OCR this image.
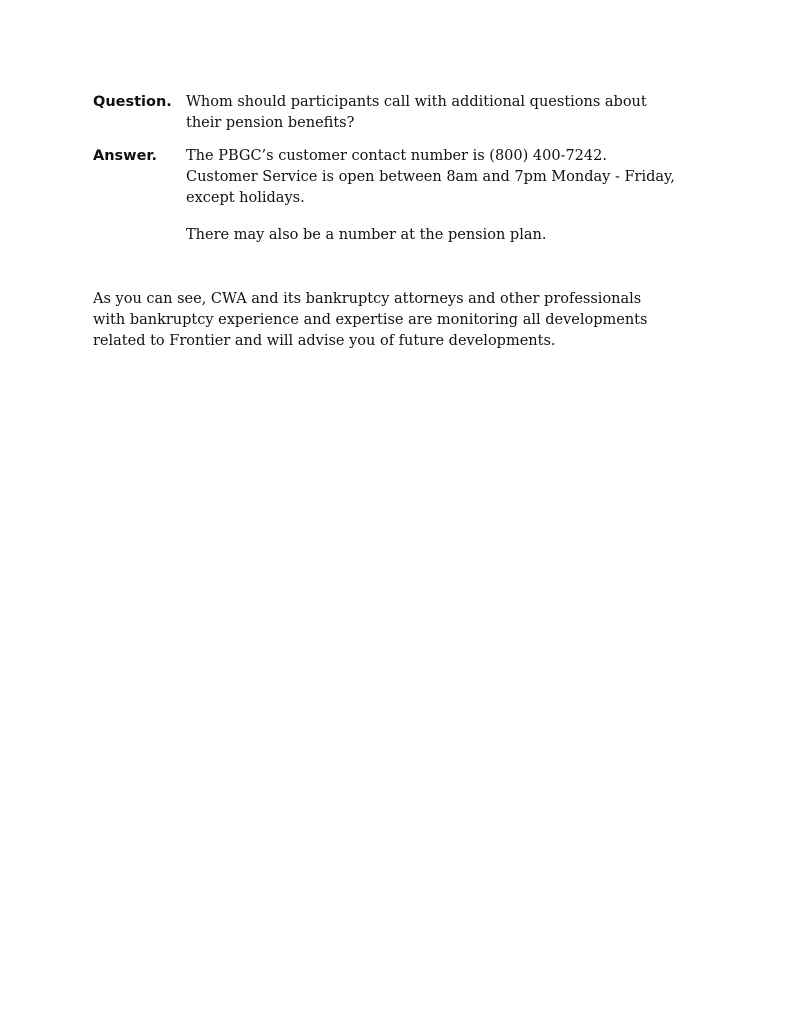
Question. Whom should participants call with additional questions about
their pension benefits?

Answer.	The PBGC’s customer contact number is (800) 400-7242.
Customer Service is open between 8am and 7pm Monday - Friday,
except holidays.

There may also be a number at the pension plan.

As you can see, CWA and its bankruptcy attorneys and other professionals
with bankruptcy experience and expertise are monitoring all developments
related to Frontier and will advise you of future developments.
